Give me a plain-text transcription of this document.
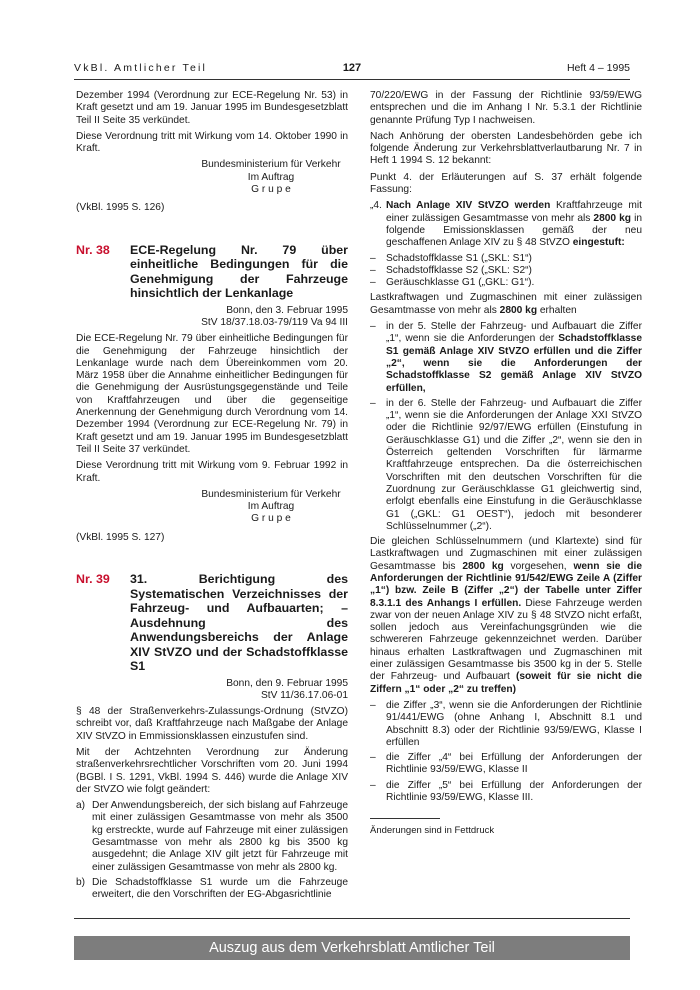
VkBl. Amtlicher Teil	127	Heft 4 – 1995

Dezember 1994 (Verordnung zur ECE-Regelung Nr. 53) in Kraft gesetzt und am 19. Januar 1995 im Bundesgesetzblatt Teil II Seite 35 verkündet.

Diese Verordnung tritt mit Wirkung vom 14. Oktober 1990 in Kraft.

Bundesministerium für Verkehr
Im Auftrag
G r u p e

(VkBl. 1995 S. 126)

Nr. 38	ECE-Regelung Nr. 79 über einheitliche Bedingungen für die Genehmigung der Fahrzeuge hinsichtlich der Lenkanlage
Bonn, den 3. Februar 1995
StV 18/37.18.03-79/119 Va 94 III

Die ECE-Regelung Nr. 79 über einheitliche Bedingungen für die Genehmigung der Fahrzeuge hinsichtlich der Lenkanlage wurde nach dem Übereinkommen vom 20. März 1958 über die Annahme einheitlicher Bedingungen für die Genehmigung der Ausrüstungsgegenstände und Teile von Kraftfahrzeugen und über die gegenseitige Anerkennung der Genehmigung durch Verordnung vom 14. Dezember 1994 (Verordnung zur ECE-Regelung Nr. 79) in Kraft gesetzt und am 19. Januar 1995 im Bundesgesetzblatt Teil II Seite 37 verkündet.

Diese Verordnung tritt mit Wirkung vom 9. Februar 1992 in Kraft.

Bundesministerium für Verkehr
Im Auftrag
G r u p e

(VkBl. 1995 S. 127)

Nr. 39	31. Berichtigung des Systematischen Verzeichnisses der Fahrzeug- und Aufbauarten; – Ausdehnung des Anwendungsbereichs der Anlage XIV StVZO und der Schadstoffklasse S1
Bonn, den 9. Februar 1995
StV 11/36.17.06-01

§ 48 der Straßenverkehrs-Zulassungs-Ordnung (StVZO) schreibt vor, daß Kraftfahrzeuge nach Maßgabe der Anlage XIV StVZO in Emmissionsklassen einzustufen sind.

Mit der Achtzehnten Verordnung zur Änderung straßenverkehrsrechtlicher Vorschriften vom 20. Juni 1994 (BGBl. I S. 1291, VkBl. 1994 S. 446) wurde die Anlage XIV der StVZO wie folgt geändert:

a) Der Anwendungsbereich, der sich bislang auf Fahrzeuge mit einer zulässigen Gesamtmasse von mehr als 3500 kg erstreckte, wurde auf Fahrzeuge mit einer zulässigen Gesamtmasse von mehr als 2800 kg bis 3500 kg ausgedehnt; die Anlage XIV gilt jetzt für Fahrzeuge mit einer zulässigen Gesamtmasse von mehr als 2800 kg.
b) Die Schadstoffklasse S1 wurde um die Fahrzeuge erweitert, die den Vorschriften der EG-Abgasrichtlinie

70/220/EWG in der Fassung der Richtlinie 93/59/EWG entsprechen und die im Anhang I Nr. 5.3.1 der Richtlinie genannte Prüfung Typ I nachweisen.

Nach Anhörung der obersten Landesbehörden gebe ich folgende Änderung zur Verkehrsblattverlautbarung Nr. 7 in Heft 1 1994 S. 12 bekannt:

Punkt 4. der Erläuterungen auf S. 37 erhält folgende Fassung:

„4. Nach Anlage XIV StVZO werden Kraftfahrzeuge mit einer zulässigen Gesamtmasse von mehr als 2800 kg in folgende Emissionsklassen gemäß der neu geschaffenen Anlage XIV zu § 48 StVZO eingestuft:
–	Schadstoffklasse S1 („SKL: S1“)
–	Schadstoffklasse S2 („SKL: S2“)
–	Geräuschklasse G1 („GKL: G1“).

Lastkraftwagen und Zugmaschinen mit einer zulässigen Gesamtmasse von mehr als 2800 kg erhalten

–	in der 5. Stelle der Fahrzeug- und Aufbauart die Ziffer „1“, wenn sie die Anforderungen der Schadstoffklasse S1 gemäß Anlage XIV StVZO erfüllen und die Ziffer „2“, wenn sie die Anforderungen der Schadstoffklasse S2 gemäß Anlage XIV StVZO erfüllen,
–	in der 6. Stelle der Fahrzeug- und Aufbauart die Ziffer „1“, wenn sie die Anforderungen der Anlage XXI StVZO oder die Richtlinie 92/97/EWG erfüllen (Einstufung in Geräuschklasse G1) und die Ziffer „2“, wenn sie den in Österreich geltenden Vorschriften für lärmarme Kraftfahrzeuge entsprechen. Da die österreichischen Vorschriften mit den deutschen Vorschriften für die Zuordnung zur Geräuschklasse G1 gleichwertig sind, erfolgt ebenfalls eine Einstufung in die Geräuschklasse G1 („GKL: G1 OEST“), jedoch mit besonderer Schlüsselnummer („2“).

Die gleichen Schlüsselnummern (und Klartexte) sind für Lastkraftwagen und Zugmaschinen mit einer zulässigen Gesamtmasse bis 2800 kg vorgesehen, wenn sie die Anforderungen der Richtlinie 91/542/EWG Zeile A (Ziffer „1“) bzw. Zeile B (Ziffer „2“) der Tabelle unter Ziffer 8.3.1.1 des Anhangs I erfüllen. Diese Fahrzeuge werden zwar von der neuen Anlage XIV zu § 48 StVZO nicht erfaßt, sollen jedoch aus Vereinfachungsgründen wie die schwereren Fahrzeuge gekennzeichnet werden. Darüber hinaus erhalten Lastkraftwagen und Zugmaschinen mit einer zulässigen Gesamtmasse bis 3500 kg in der 5. Stelle der Fahrzeug- und Aufbauart (soweit für sie nicht die Ziffern „1“ oder „2“ zu treffen)

–	die Ziffer „3“, wenn sie die Anforderungen der Richtlinie 91/441/EWG (ohne Anhang I, Abschnitt 8.1 und Abschnitt 8.3) oder der Richtlinie 93/59/EWG, Klasse I erfüllen
–	die Ziffer „4“ bei Erfüllung der Anforderungen der Richtlinie 93/59/EWG, Klasse II
–	die Ziffer „5“ bei Erfüllung der Anforderungen der Richtlinie 93/59/EWG, Klasse III.
Änderungen sind in Fettdruck
Auszug aus dem Verkehrsblatt Amtlicher Teil
